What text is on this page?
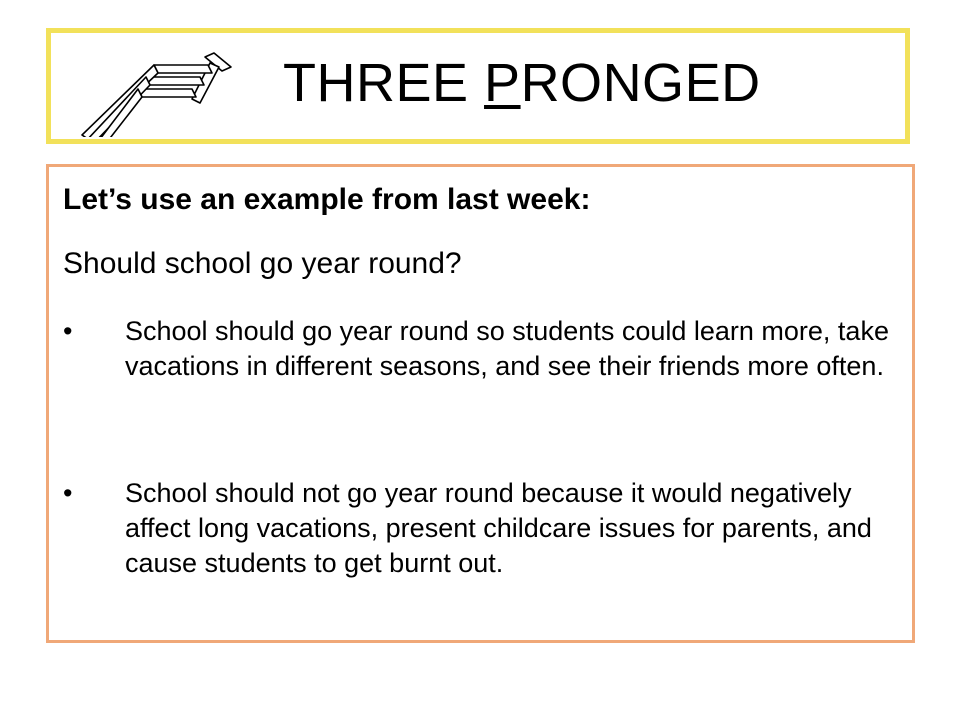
THREE PRONGED
Let’s use an example from last week:
Should school go year round?
•	School should go year round so students could learn more, take vacations in different seasons, and see their friends more often.
•	School should not go year round because it would negatively affect long vacations, present childcare issues for parents, and cause students to get burnt out.
